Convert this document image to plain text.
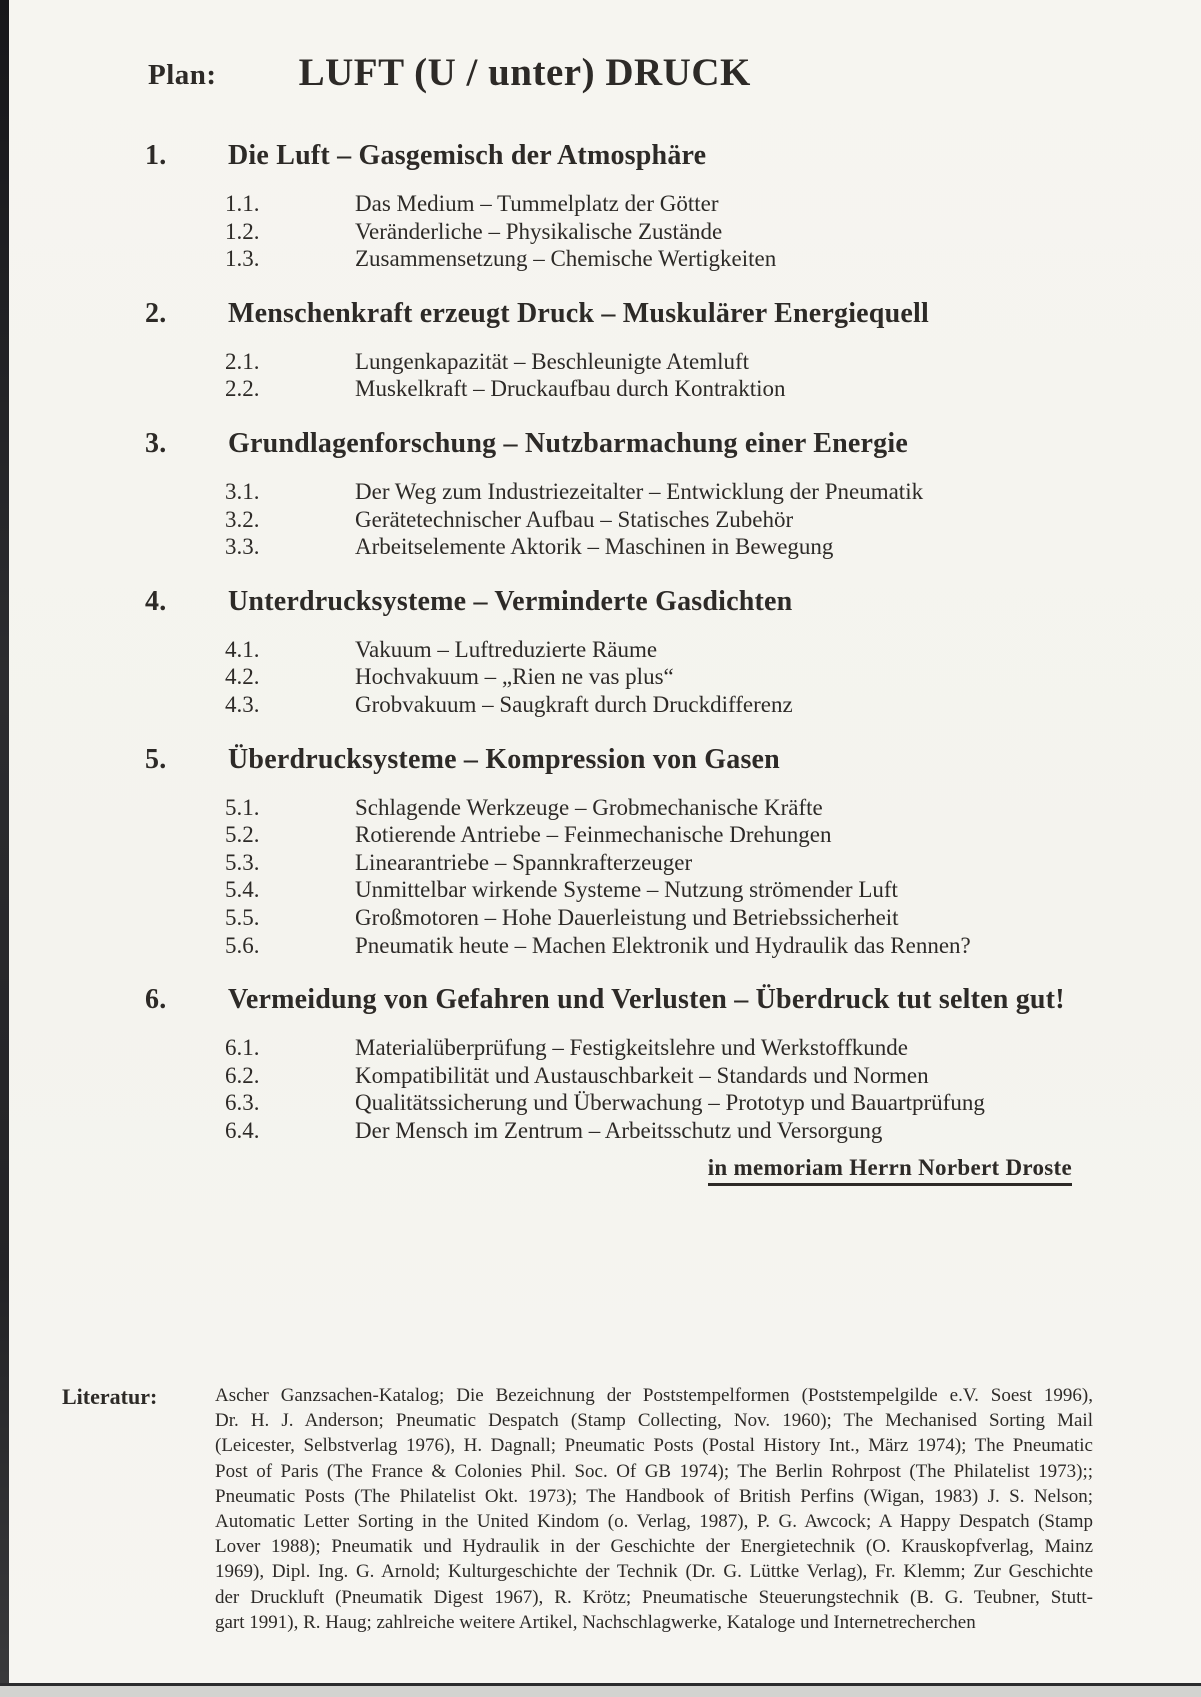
Plan: LUFT (U / unter) DRUCK
1.	Die Luft – Gasgemisch der Atmosphäre
1.1.	Das Medium – Tummelplatz der Götter
1.2.	Veränderliche – Physikalische Zustände
1.3.	Zusammensetzung – Chemische Wertigkeiten
2.	Menschenkraft erzeugt Druck – Muskulärer Energiequell
2.1.	Lungenkapazität – Beschleunigte Atemluft
2.2.	Muskelkraft – Druckaufbau durch Kontraktion
3.	Grundlagenforschung – Nutzbarmachung einer Energie
3.1.	Der Weg zum Industriezeitalter – Entwicklung der Pneumatik
3.2.	Gerätetechnischer Aufbau – Statisches Zubehör
3.3.	Arbeitselemente Aktorik – Maschinen in Bewegung
4.	Unterdrucksysteme – Verminderte Gasdichten
4.1.	Vakuum – Luftreduzierte Räume
4.2.	Hochvakuum – „Rien ne vas plus“
4.3.	Grobvakuum – Saugkraft durch Druckdifferenz
5.	Überdrucksysteme – Kompression von Gasen
5.1.	Schlagende Werkzeuge – Grobmechanische Kräfte
5.2.	Rotierende Antriebe – Feinmechanische Drehungen
5.3.	Linearantriebe – Spannkrafterzeuger
5.4.	Unmittelbar wirkende Systeme – Nutzung strömender Luft
5.5.	Großmotoren – Hohe Dauerleistung und Betriebssicherheit
5.6.	Pneumatik heute – Machen Elektronik und Hydraulik das Rennen?
6.	Vermeidung von Gefahren und Verlusten – Überdruck tut selten gut!
6.1.	Materialüberprüfung – Festigkeitslehre und Werkstoffkunde
6.2.	Kompatibilität und Austauschbarkeit – Standards und Normen
6.3.	Qualitätssicherung und Überwachung – Prototyp und Bauartprüfung
6.4.	Der Mensch im Zentrum – Arbeitsschutz und Versorgung
in memoriam Herrn Norbert Droste
Literatur:	Ascher Ganzsachen-Katalog; Die Bezeichnung der Poststempelformen (Poststempelgilde e.V. Soest 1996),
Dr. H. J. Anderson; Pneumatic Despatch (Stamp Collecting, Nov. 1960); The Mechanised Sorting Mail
(Leicester, Selbstverlag 1976), H. Dagnall; Pneumatic Posts (Postal History Int., März 1974); The Pneumatic
Post of Paris (The France & Colonies Phil. Soc. Of GB 1974); The Berlin Rohrpost (The Philatelist 1973);;
Pneumatic Posts (The Philatelist Okt. 1973); The Handbook of British Perfins (Wigan, 1983) J. S. Nelson;
Automatic Letter Sorting in the United Kindom (o. Verlag, 1987), P. G. Awcock; A Happy Despatch (Stamp
Lover 1988); Pneumatik und Hydraulik in der Geschichte der Energietechnik (O. Krauskopfverlag, Mainz
1969), Dipl. Ing. G. Arnold; Kulturgeschichte der Technik (Dr. G. Lüttke Verlag), Fr. Klemm; Zur Geschichte
der Druckluft (Pneumatik Digest 1967), R. Krötz; Pneumatische Steuerungstechnik (B. G. Teubner, Stutt-
gart 1991), R. Haug; zahlreiche weitere Artikel, Nachschlagwerke, Kataloge und Internetrecherchen
